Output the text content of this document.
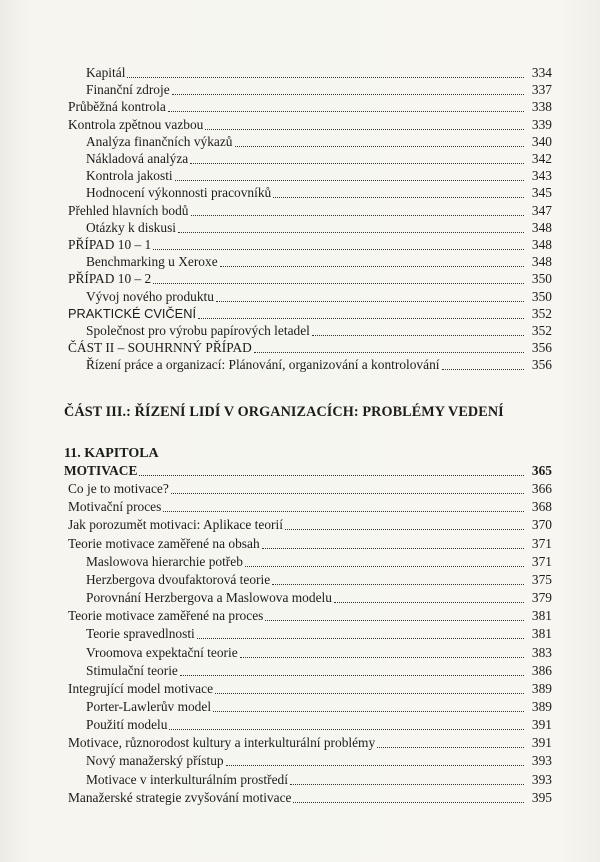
Kapitál	334
Finanční zdroje	337
Průběžná kontrola	338
Kontrola zpětnou vazbou	339
Analýza finančních výkazů	340
Nákladová analýza	342
Kontrola jakosti	343
Hodnocení výkonnosti pracovníků	345
Přehled hlavních bodů	347
Otázky k diskusi	348
PŘÍPAD 10 – 1	348
Benchmarking u Xeroxe	348
PŘÍPAD 10 – 2	350
Vývoj nového produktu	350
PRAKTICKÉ CVIČENÍ	352
Společnost pro výrobu papírových letadel	352
ČÁST II – SOUHRNNÝ PŘÍPAD	356
Řízení práce a organizací: Plánování, organizování a kontrolování	356
ČÁST III.: ŘÍZENÍ LIDÍ V ORGANIZACÍCH: PROBLÉMY VEDENÍ
11. KAPITOLA
MOTIVACE	365
Co je to motivace?	366
Motivační proces	368
Jak porozumět motivaci: Aplikace teorií	370
Teorie motivace zaměřené na obsah	371
Maslowova hierarchie potřeb	371
Herzbergova dvoufaktorová teorie	375
Porovnání Herzbergova a Maslowova modelu	379
Teorie motivace zaměřené na proces	381
Teorie spravedlnosti	381
Vroomova expektační teorie	383
Stimulační teorie	386
Integrující model motivace	389
Porter-Lawlerův model	389
Použití modelu	391
Motivace, různorodost kultury a interkulturální problémy	391
Nový manažerský přístup	393
Motivace v interkulturálním prostředí	393
Manažerské strategie zvyšování motivace	395
